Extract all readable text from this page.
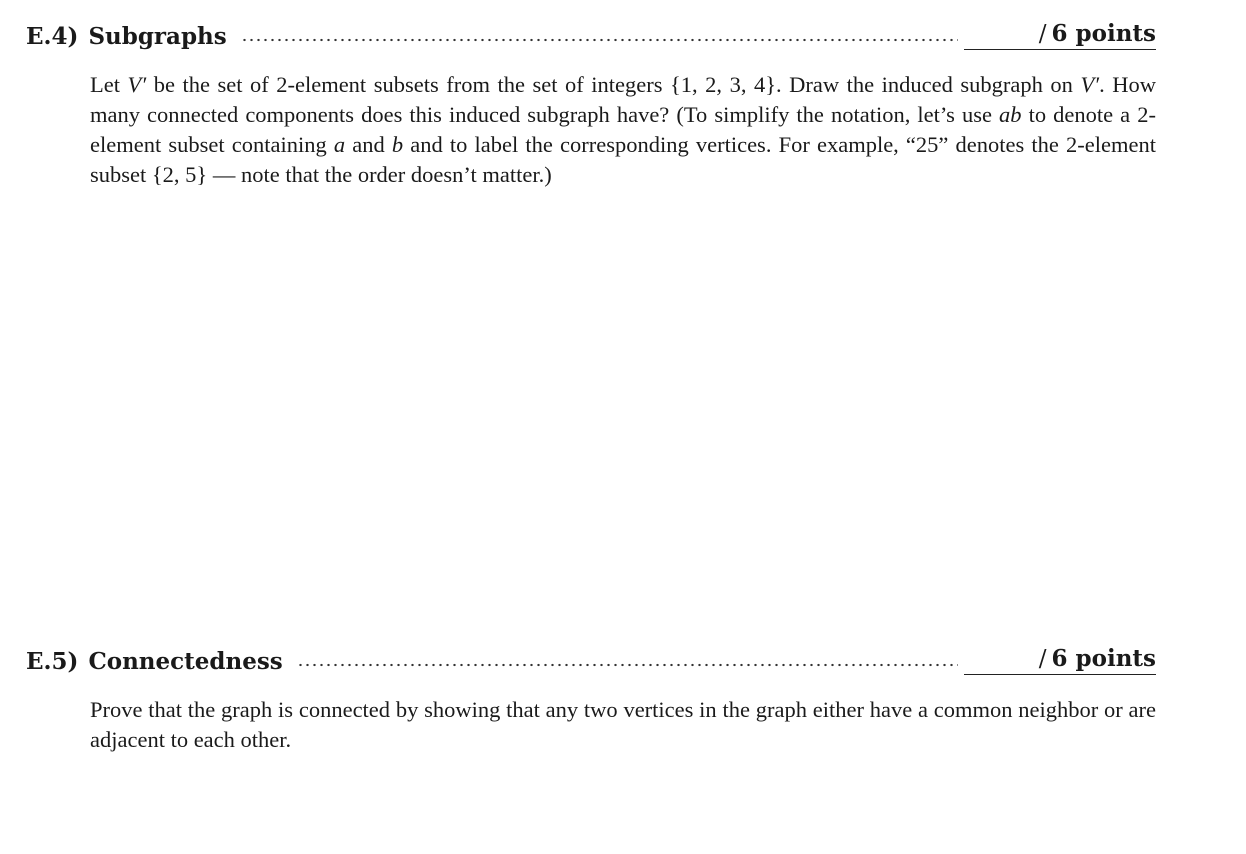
E.4) Subgraphs	/ 6 points
Let V′ be the set of 2-element subsets from the set of integers {1, 2, 3, 4}. Draw the induced subgraph on V′. How many connected components does this induced subgraph have? (To simplify the notation, let’s use ab to denote a 2-element subset containing a and b and to label the corresponding vertices. For example, “25” denotes the 2-element subset {2, 5} — note that the order doesn’t matter.)
E.5) Connectedness	/ 6 points
Prove that the graph is connected by showing that any two vertices in the graph either have a common neighbor or are adjacent to each other.
